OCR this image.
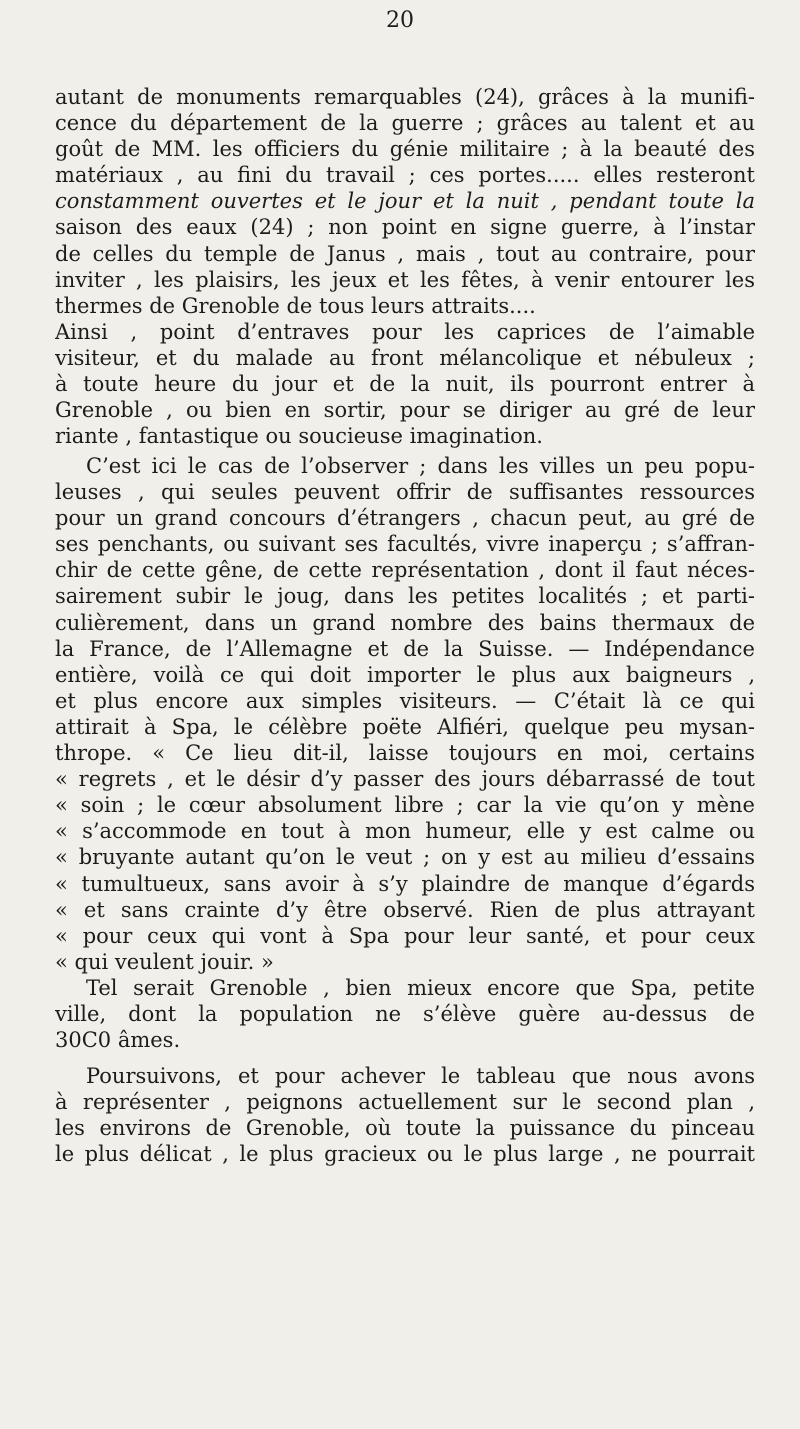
20
autant de monuments remarquables (24), grâces à la munifi-
cence du département de la guerre ; grâces au talent et au
goût de MM. les officiers du génie militaire ; à la beauté des
matériaux , au fini du travail ; ces portes..... elles resteront
constamment ouvertes et le jour et la nuit , pendant toute la
saison des eaux (24) ; non point en signe guerre, à l’instar
de celles du temple de Janus , mais , tout au contraire, pour
inviter , les plaisirs, les jeux et les fêtes, à venir entourer les
thermes de Grenoble de tous leurs attraits....
Ainsi , point d’entraves pour les caprices de l’aimable
visiteur, et du malade au front mélancolique et nébuleux ;
à toute heure du jour et de la nuit, ils pourront entrer à
Grenoble , ou bien en sortir, pour se diriger au gré de leur
riante , fantastique ou soucieuse imagination.
C’est ici le cas de l’observer ; dans les villes un peu popu-
leuses , qui seules peuvent offrir de suffisantes ressources
pour un grand concours d’étrangers , chacun peut, au gré de
ses penchants, ou suivant ses facultés, vivre inaperçu ; s’affran-
chir de cette gêne, de cette représentation , dont il faut néces-
sairement subir le joug, dans les petites localités ; et parti-
culièrement, dans un grand nombre des bains thermaux de
la France, de l’Allemagne et de la Suisse. — Indépendance
entière, voilà ce qui doit importer le plus aux baigneurs ,
et plus encore aux simples visiteurs. — C’était là ce qui
attirait à Spa, le célèbre poëte Alfiéri, quelque peu mysan-
thrope. « Ce lieu dit-il, laisse toujours en moi, certains
« regrets , et le désir d’y passer des jours débarrassé de tout
« soin ; le cœur absolument libre ; car la vie qu’on y mène
« s’accommode en tout à mon humeur, elle y est calme ou
« bruyante autant qu’on le veut ; on y est au milieu d’essains
« tumultueux, sans avoir à s’y plaindre de manque d’égards
« et sans crainte d’y être observé. Rien de plus attrayant
« pour ceux qui vont à Spa pour leur santé, et pour ceux
« qui veulent jouir. »
Tel serait Grenoble , bien mieux encore que Spa, petite
ville, dont la population ne s’élève guère au-dessus de
30C0 âmes.
Poursuivons, et pour achever le tableau que nous avons
à représenter , peignons actuellement sur le second plan ,
les environs de Grenoble, où toute la puissance du pinceau
le plus délicat , le plus gracieux ou le plus large , ne pourrait
